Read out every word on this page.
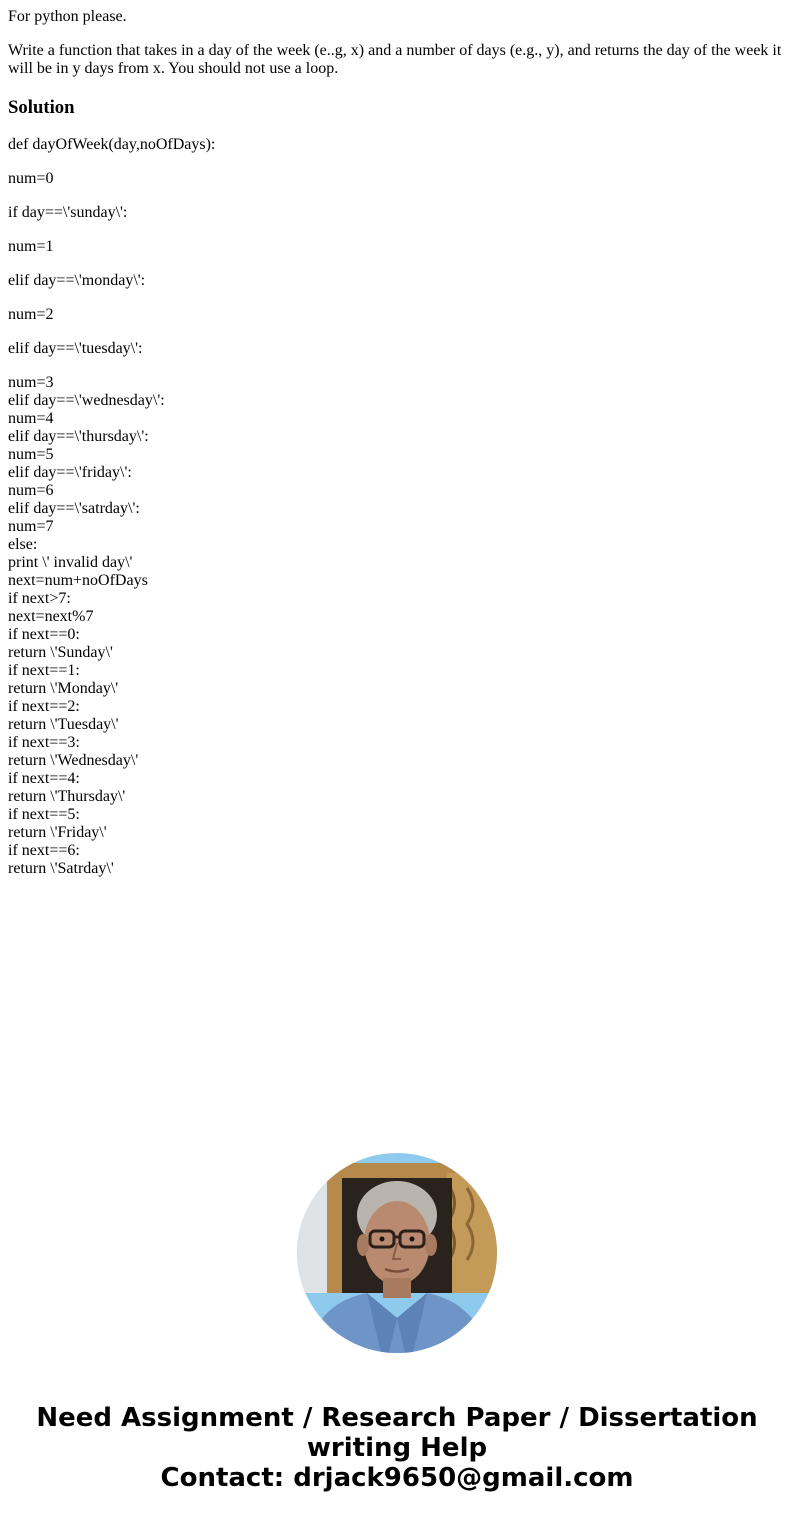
For python please.

Write a function that takes in a day of the week (e..g, x) and a number of days (e.g., y), and returns the day of the week it will be in y days from x. You should not use a loop.

Solution

def dayOfWeek(day,noOfDays):

num=0

if day==\'sunday\':

num=1

elif day==\'monday\':

num=2

elif day==\'tuesday\':

num=3
elif day==\'wednesday\':
num=4
elif day==\'thursday\':
num=5
elif day==\'friday\':
num=6
elif day==\'satrday\':
num=7
else:
print \' invalid day\'
next=num+noOfDays
if next>7:
next=next%7
if next==0:
return \'Sunday\'
if next==1:
return \'Monday\'
if next==2:
return \'Tuesday\'
if next==3:
return \'Wednesday\'
if next==4:
return \'Thursday\'
if next==5:
return \'Friday\'
if next==6:
return \'Satrday\'

Need Assignment / Research Paper / Dissertation
writing Help
Contact: drjack9650@gmail.com
